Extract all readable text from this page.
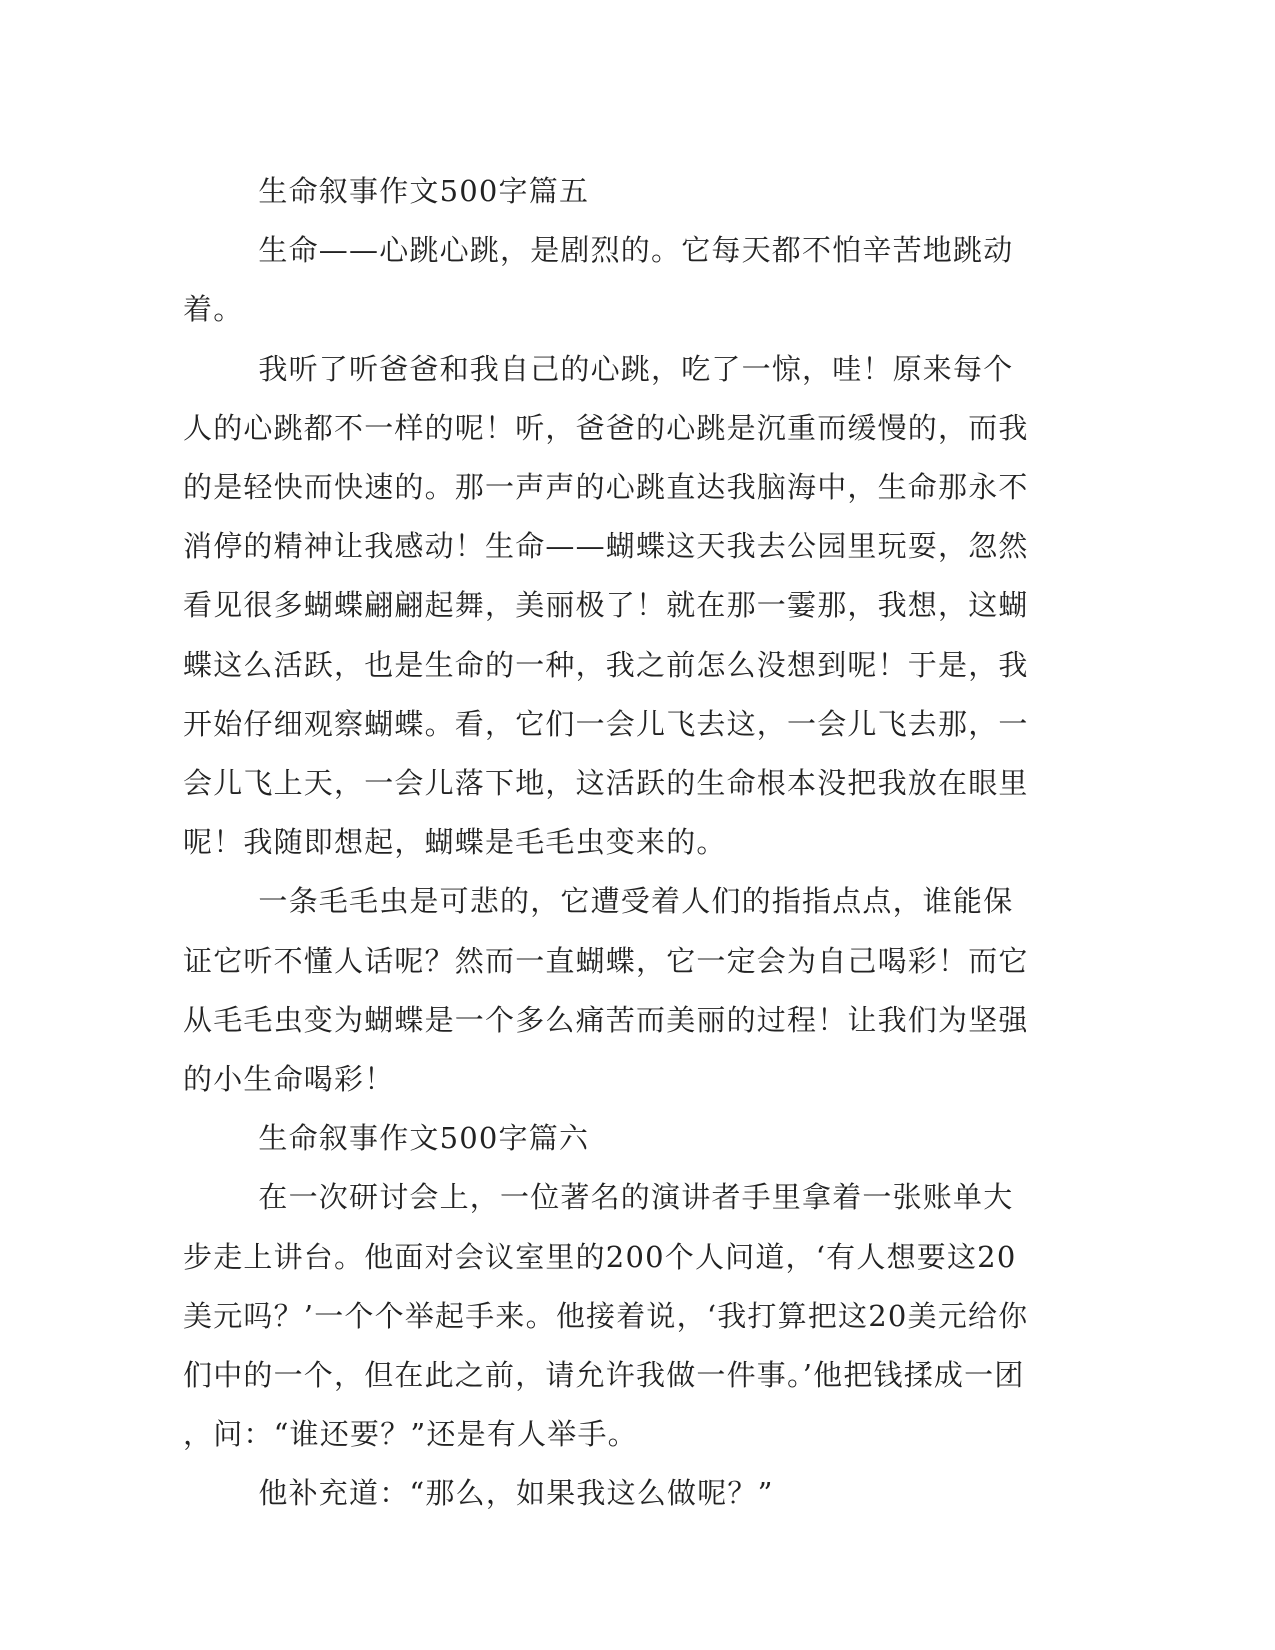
生命叙事作文500字篇五

生命——心跳心跳，是剧烈的。它每天都不怕辛苦地跳动着。

我听了听爸爸和我自己的心跳，吃了一惊，哇！原来每个人的心跳都不一样的呢！听，爸爸的心跳是沉重而缓慢的，而我的是轻快而快速的。那一声声的心跳直达我脑海中，生命那永不消停的精神让我感动！生命——蝴蝶这天我去公园里玩耍，忽然看见很多蝴蝶翩翩起舞，美丽极了！就在那一霎那，我想，这蝴蝶这么活跃，也是生命的一种，我之前怎么没想到呢！于是，我开始仔细观察蝴蝶。看，它们一会儿飞去这，一会儿飞去那，一会儿飞上天，一会儿落下地，这活跃的生命根本没把我放在眼里呢！我随即想起，蝴蝶是毛毛虫变来的。

一条毛毛虫是可悲的，它遭受着人们的指指点点，谁能保证它听不懂人话呢？然而一直蝴蝶，它一定会为自己喝彩！而它从毛毛虫变为蝴蝶是一个多么痛苦而美丽的过程！让我们为坚强的小生命喝彩！

生命叙事作文500字篇六

在一次研讨会上，一位著名的演讲者手里拿着一张账单大步走上讲台。他面对会议室里的200个人问道，‘有人想要这20美元吗？’一个个举起手来。他接着说，‘我打算把这20美元给你们中的一个，但在此之前，请允许我做一件事。’他把钱揉成一团，问：“谁还要？”还是有人举手。

他补充道：“那么，如果我这么做呢？”
